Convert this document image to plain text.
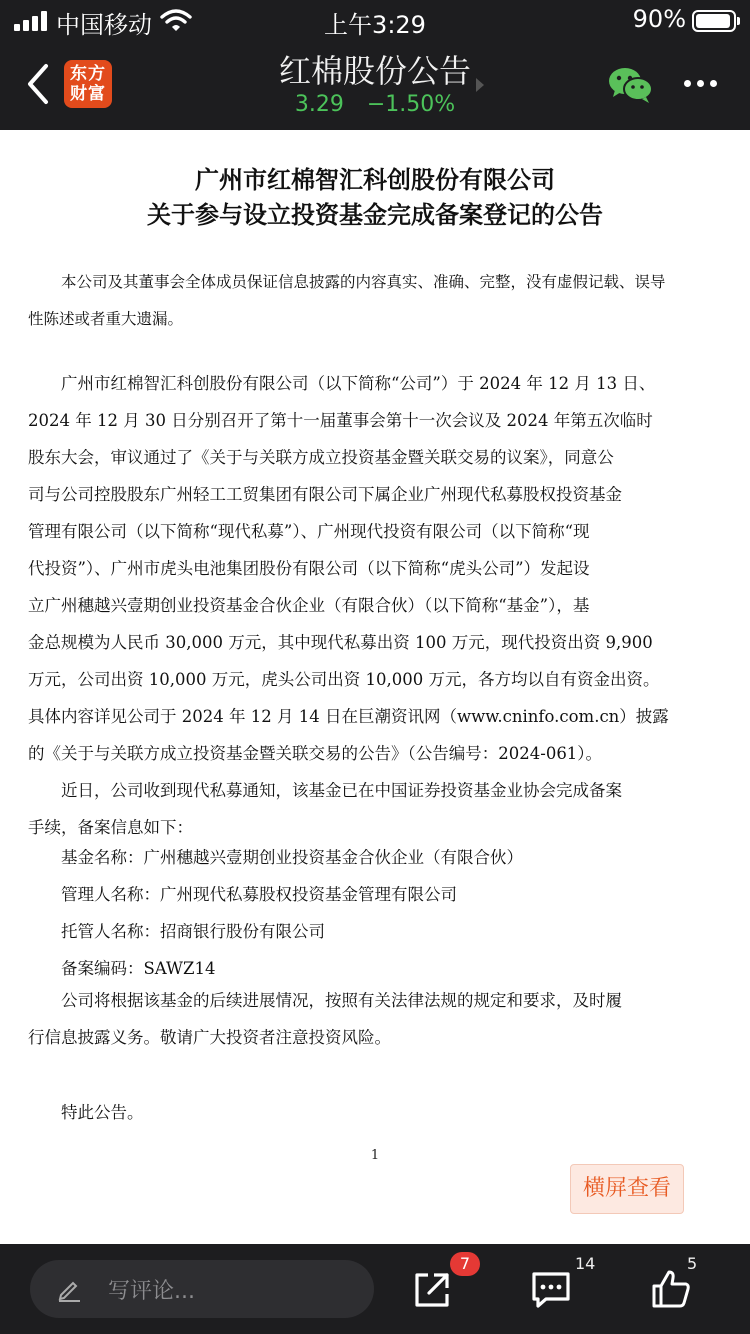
中国移动	上午3:29	90%
东方
财富
红棉股份公告
3.29 −1.50%
广州市红棉智汇科创股份有限公司
关于参与设立投资基金完成备案登记的公告
本公司及其董事会全体成员保证信息披露的内容真实、准确、完整，没有虚假记载、误导
性陈述或者重大遗漏。
广州市红棉智汇科创股份有限公司（以下简称“公司”）于 2024 年 12 月 13 日、
2024 年 12 月 30 日分别召开了第十一届董事会第十一次会议及 2024 年第五次临时
股东大会，审议通过了《关于与关联方成立投资基金暨关联交易的议案》，同意公
司与公司控股股东广州轻工工贸集团有限公司下属企业广州现代私募股权投资基金
管理有限公司（以下简称“现代私募”）、广州现代投资有限公司（以下简称“现
代投资”）、广州市虎头电池集团股份有限公司（以下简称“虎头公司”）发起设
立广州穗越兴壹期创业投资基金合伙企业（有限合伙）（以下简称“基金”），基
金总规模为人民币 30,000 万元，其中现代私募出资 100 万元，现代投资出资 9,900
万元，公司出资 10,000 万元，虎头公司出资 10,000 万元，各方均以自有资金出资。
具体内容详见公司于 2024 年 12 月 14 日在巨潮资讯网（www.cninfo.com.cn）披露
的《关于与关联方成立投资基金暨关联交易的公告》（公告编号：2024-061）。
近日，公司收到现代私募通知，该基金已在中国证券投资基金业协会完成备案
手续，备案信息如下：
基金名称：广州穗越兴壹期创业投资基金合伙企业（有限合伙）
管理人名称：广州现代私募股权投资基金管理有限公司
托管人名称：招商银行股份有限公司
备案编码：SAWZ14
公司将根据该基金的后续进展情况，按照有关法律法规的规定和要求，及时履
行信息披露义务。敬请广大投资者注意投资风险。
特此公告。
1
横屏查看
写评论...
7	14	5
